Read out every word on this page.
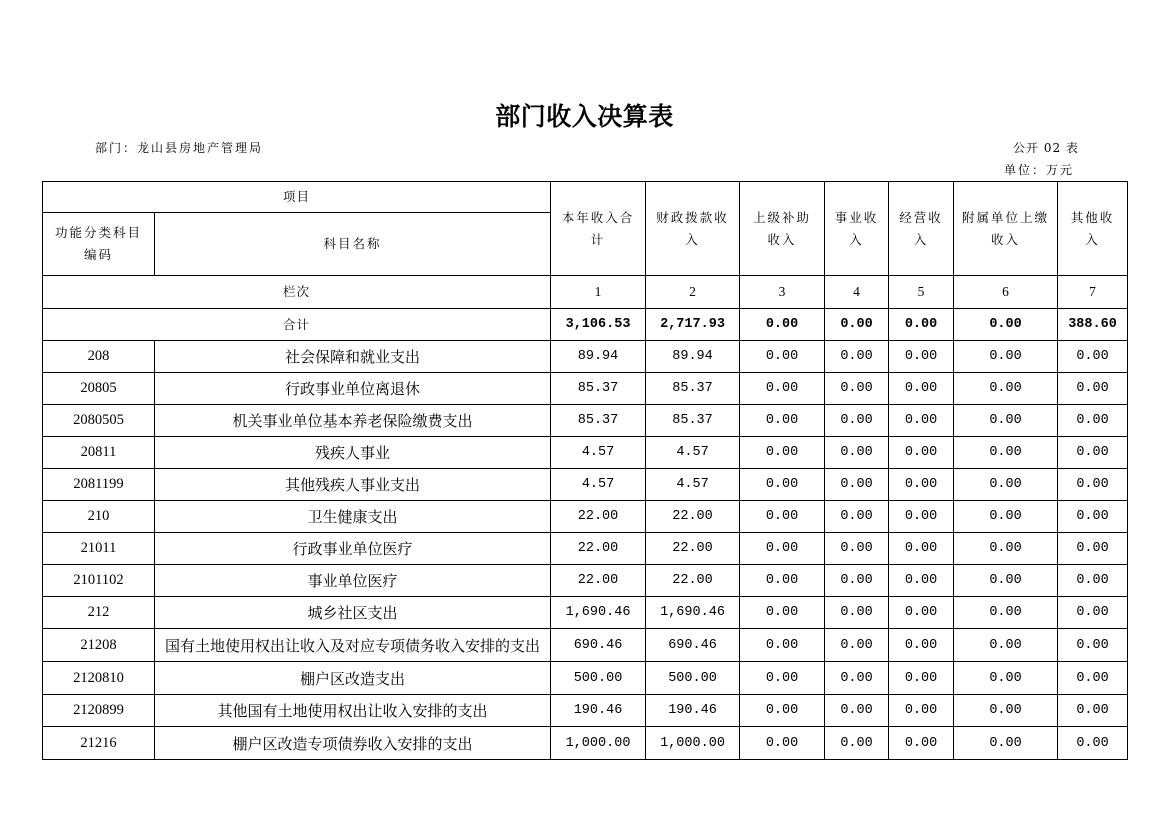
部门收入决算表
部门：龙山县房地产管理局	公开 02 表
单位：万元
项目		本年收入合计	财政拨款收入	上级补助收入	事业收入	经营收入	附属单位上缴收入	其他收入
功能分类科目编码	科目名称							
栏次		1	2	3	4	5	6	7
合计		3,106.53	2,717.93	0.00	0.00	0.00	0.00	388.60
208	社会保障和就业支出	89.94	89.94	0.00	0.00	0.00	0.00	0.00
20805	行政事业单位离退休	85.37	85.37	0.00	0.00	0.00	0.00	0.00
2080505	机关事业单位基本养老保险缴费支出	85.37	85.37	0.00	0.00	0.00	0.00	0.00
20811	残疾人事业	4.57	4.57	0.00	0.00	0.00	0.00	0.00
2081199	其他残疾人事业支出	4.57	4.57	0.00	0.00	0.00	0.00	0.00
210	卫生健康支出	22.00	22.00	0.00	0.00	0.00	0.00	0.00
21011	行政事业单位医疗	22.00	22.00	0.00	0.00	0.00	0.00	0.00
2101102	事业单位医疗	22.00	22.00	0.00	0.00	0.00	0.00	0.00
212	城乡社区支出	1,690.46	1,690.46	0.00	0.00	0.00	0.00	0.00
21208	国有土地使用权出让收入及对应专项债务收入安排的支出	690.46	690.46	0.00	0.00	0.00	0.00	0.00
2120810	棚户区改造支出	500.00	500.00	0.00	0.00	0.00	0.00	0.00
2120899	其他国有土地使用权出让收入安排的支出	190.46	190.46	0.00	0.00	0.00	0.00	0.00
21216	棚户区改造专项债券收入安排的支出	1,000.00	1,000.00	0.00	0.00	0.00	0.00	0.00
